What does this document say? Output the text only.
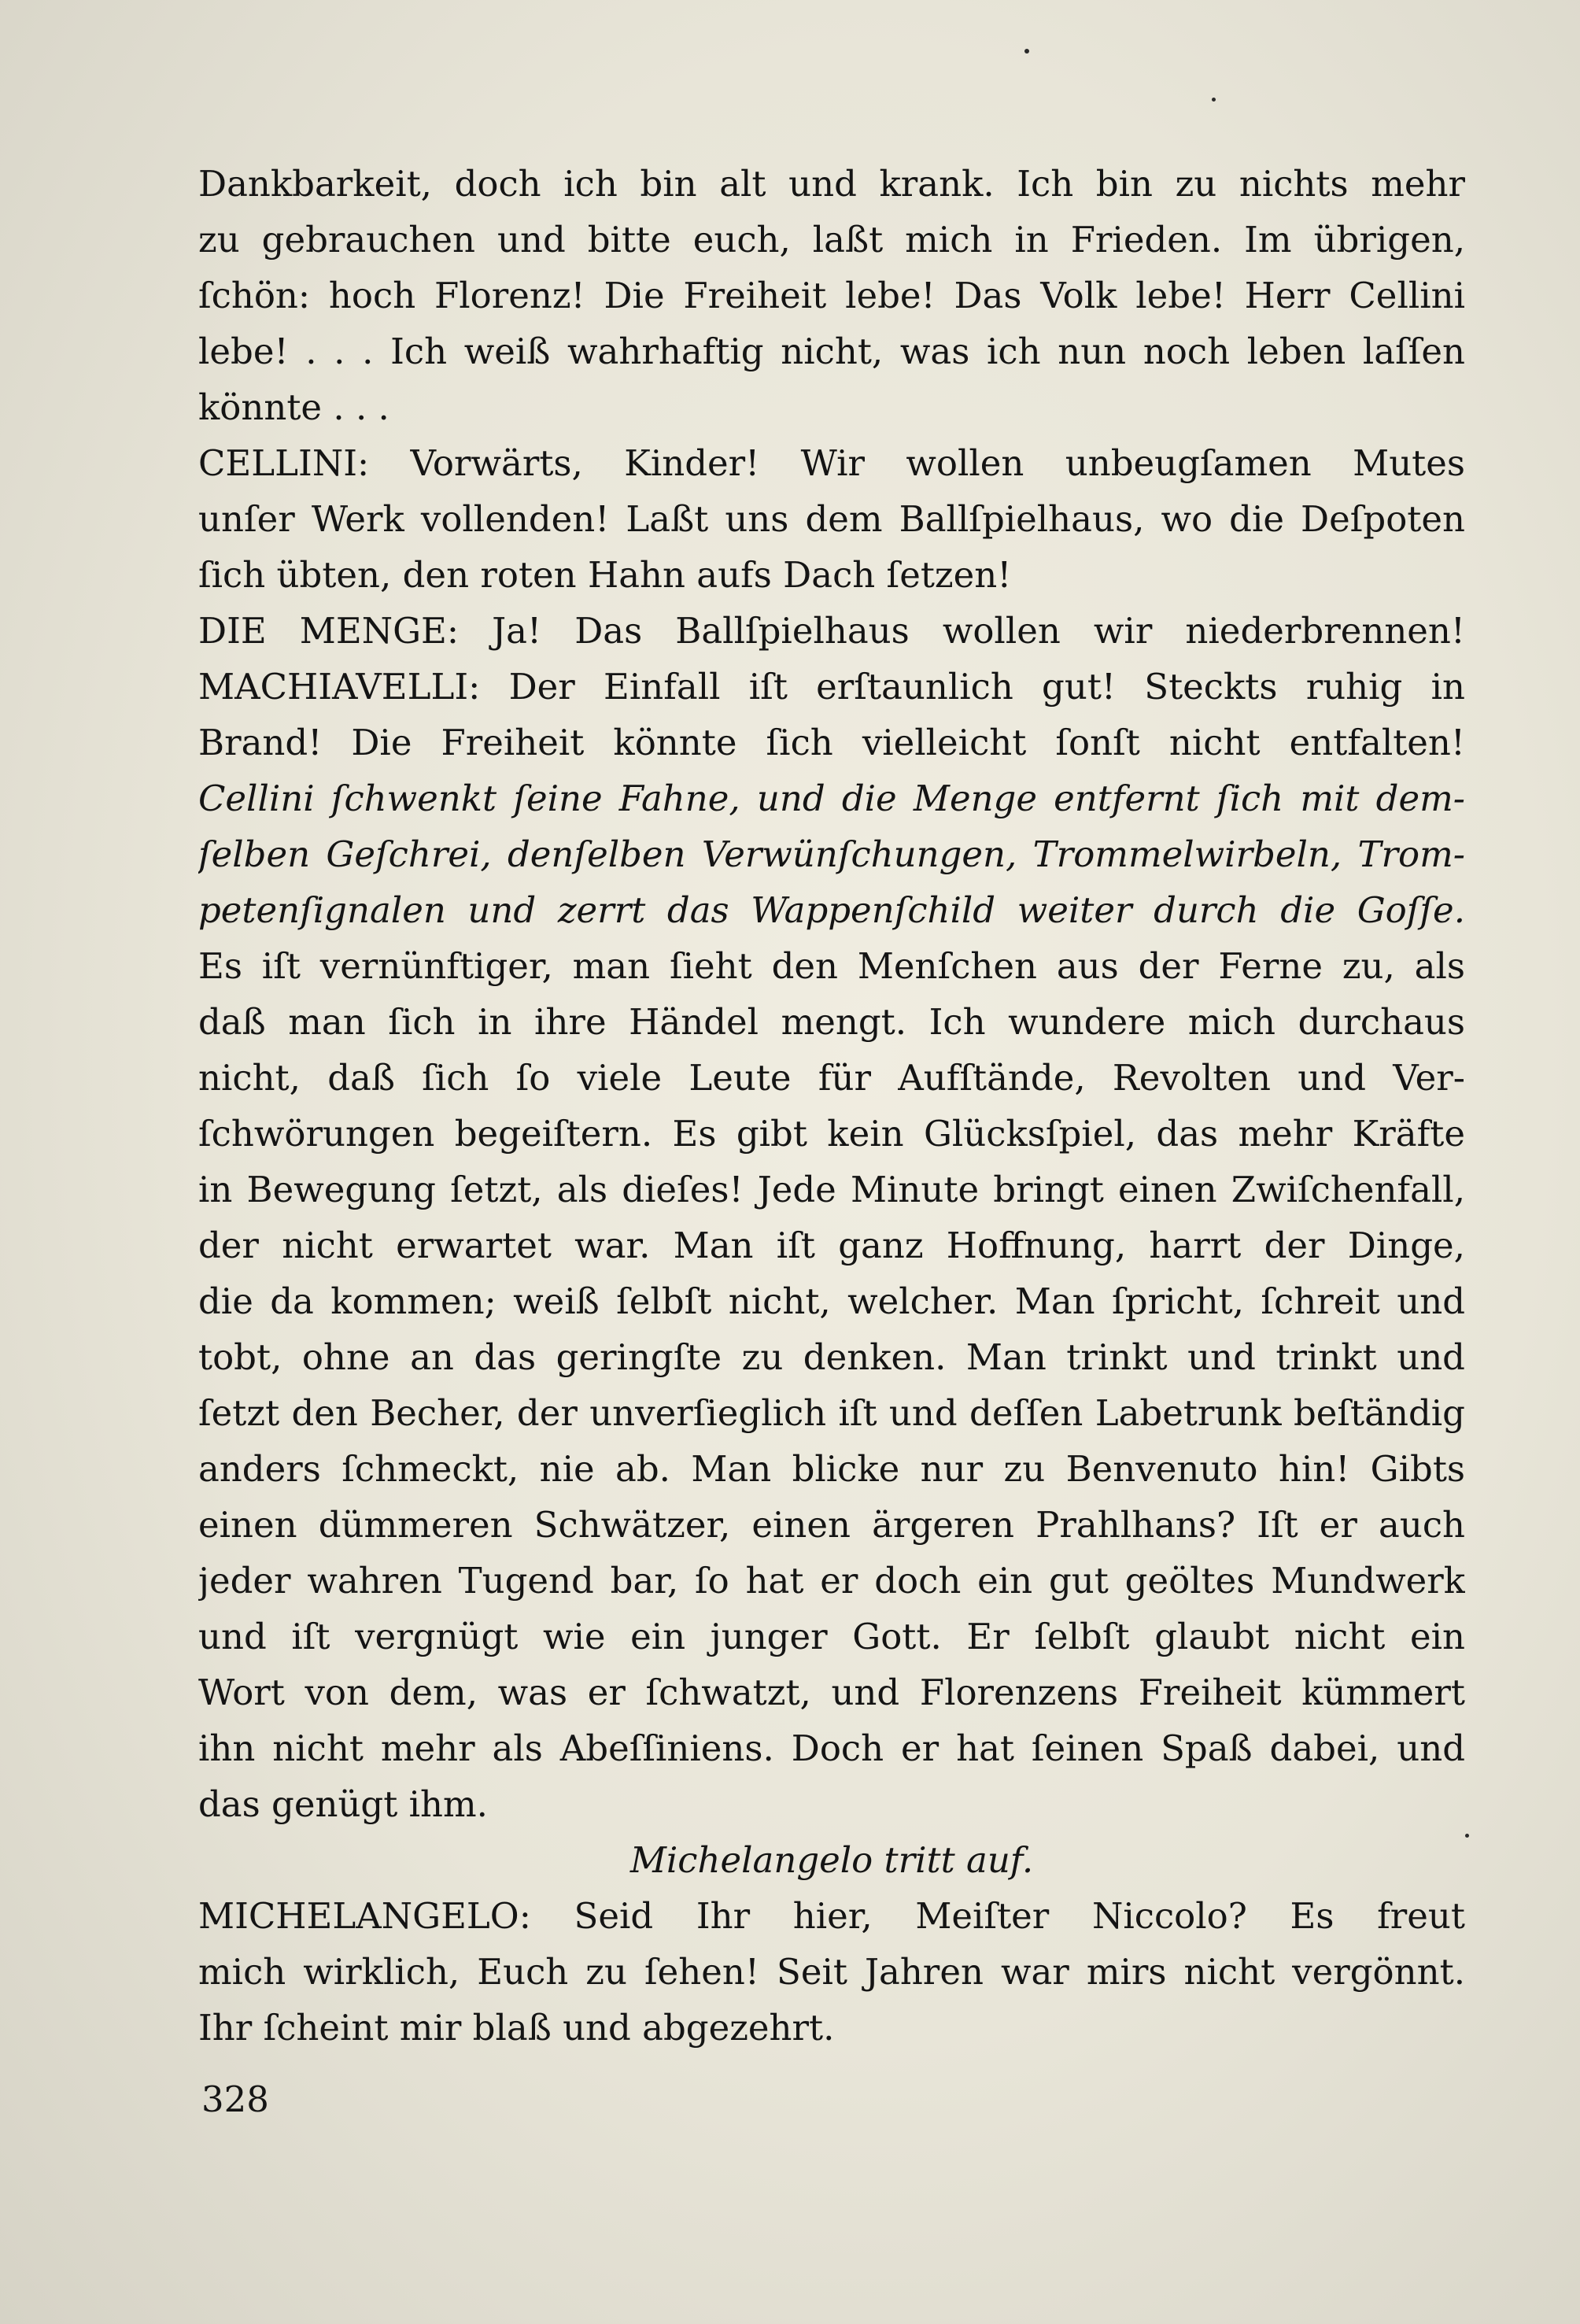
Dankbarkeit, doch ich bin alt und krank. Ich bin zu nichts mehr
zu gebrauchen und bitte euch, laßt mich in Frieden. Im übrigen,
ſchön: hoch Florenz! Die Freiheit lebe! Das Volk lebe! Herr Cellini
lebe! . . . Ich weiß wahrhaftig nicht, was ich nun noch leben laſſen
könnte . . .
CELLINI: Vorwärts, Kinder! Wir wollen unbeugſamen Mutes
unſer Werk vollenden! Laßt uns dem Ballſpielhaus, wo die Deſpoten
ſich übten, den roten Hahn aufs Dach ſetzen!
DIE MENGE: Ja! Das Ballſpielhaus wollen wir niederbrennen!
MACHIAVELLI: Der Einfall iſt erſtaunlich gut! Steckts ruhig in
Brand! Die Freiheit könnte ſich vielleicht ſonſt nicht entfalten!
Cellini ſchwenkt ſeine Fahne, und die Menge entfernt ſich mit dem-
ſelben Geſchrei, denſelben Verwünſchungen, Trommelwirbeln, Trom-
petenſignalen und zerrt das Wappenſchild weiter durch die Goſſe.
Es iſt vernünftiger, man ſieht den Menſchen aus der Ferne zu, als
daß man ſich in ihre Händel mengt. Ich wundere mich durchaus
nicht, daß ſich ſo viele Leute für Aufſtände, Revolten und Ver-
ſchwörungen begeiſtern. Es gibt kein Glücksſpiel, das mehr Kräfte
in Bewegung ſetzt, als dieſes! Jede Minute bringt einen Zwiſchenfall,
der nicht erwartet war. Man iſt ganz Hoffnung, harrt der Dinge,
die da kommen; weiß ſelbſt nicht, welcher. Man ſpricht, ſchreit und
tobt, ohne an das geringſte zu denken. Man trinkt und trinkt und
ſetzt den Becher, der unverſieglich iſt und deſſen Labetrunk beſtändig
anders ſchmeckt, nie ab. Man blicke nur zu Benvenuto hin! Gibts
einen dümmeren Schwätzer, einen ärgeren Prahlhans? Iſt er auch
jeder wahren Tugend bar, ſo hat er doch ein gut geöltes Mundwerk
und iſt vergnügt wie ein junger Gott. Er ſelbſt glaubt nicht ein
Wort von dem, was er ſchwatzt, und Florenzens Freiheit kümmert
ihn nicht mehr als Abeſſiniens. Doch er hat ſeinen Spaß dabei, und
das genügt ihm.
Michelangelo tritt auf.
MICHELANGELO: Seid Ihr hier, Meiſter Niccolo? Es freut
mich wirklich, Euch zu ſehen! Seit Jahren war mirs nicht vergönnt.
Ihr ſcheint mir blaß und abgezehrt.
328
